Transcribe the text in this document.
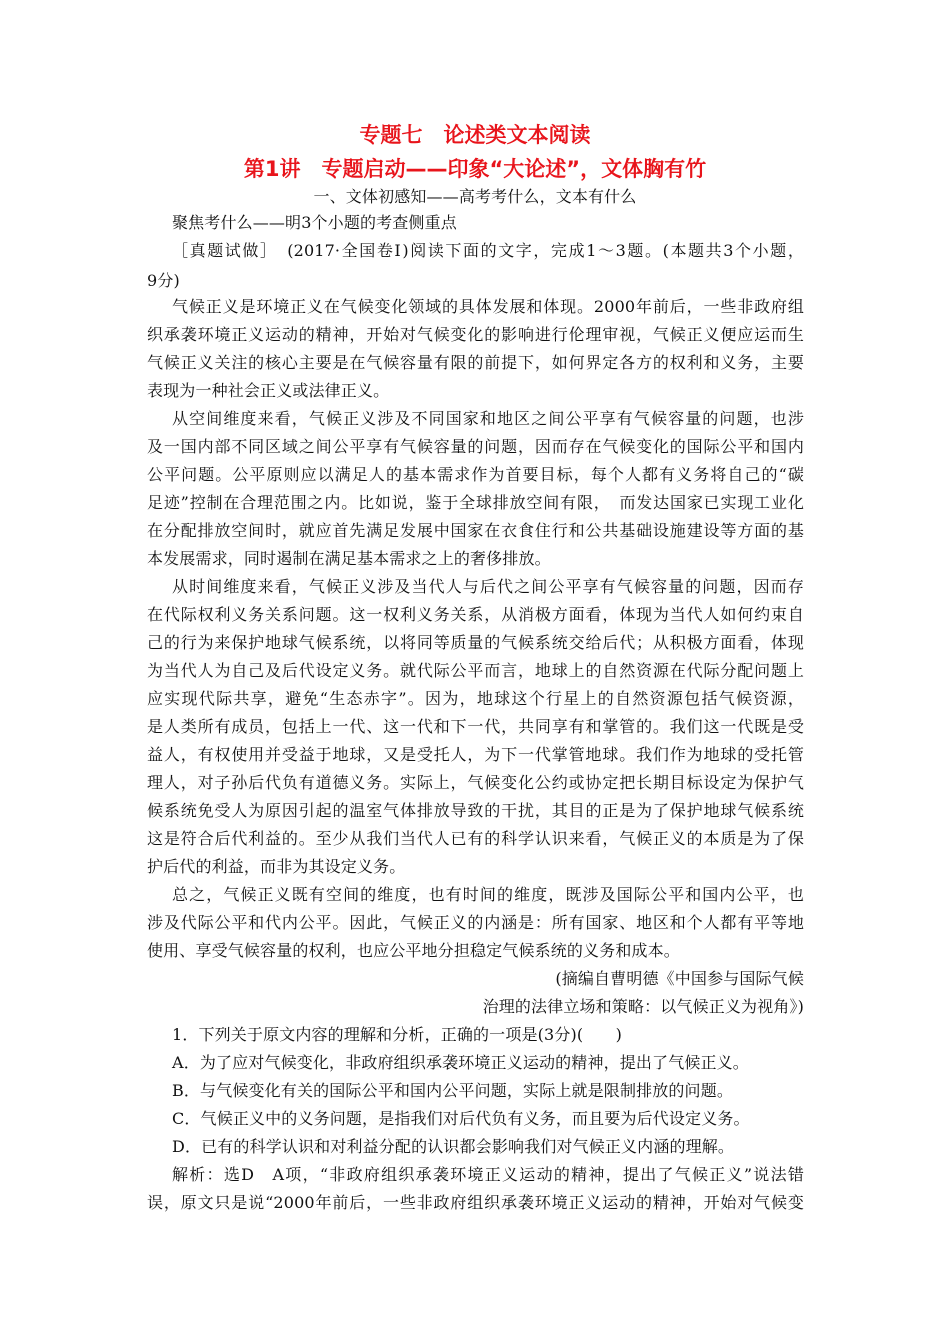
专题七　论述类文本阅读
第1讲　专题启动——印象“大论述”，文体胸有竹
一、文体初感知——高考考什么，文本有什么
聚焦考什么——明3个小题的考查侧重点
［真题试做］　(2017·全国卷Ⅰ)阅读下面的文字，完成1～3题。(本题共3个小题，
9分)
气候正义是环境正义在气候变化领域的具体发展和体现。2000年前后，一些非政府组
织承袭环境正义运动的精神，开始对气候变化的影响进行伦理审视，气候正义便应运而生
气候正义关注的核心主要是在气候容量有限的前提下，如何界定各方的权利和义务，主要
表现为一种社会正义或法律正义。
从空间维度来看，气候正义涉及不同国家和地区之间公平享有气候容量的问题，也涉
及一国内部不同区域之间公平享有气候容量的问题，因而存在气候变化的国际公平和国内
公平问题。公平原则应以满足人的基本需求作为首要目标，每个人都有义务将自己的“碳
足迹”控制在合理范围之内。比如说，鉴于全球排放空间有限，　而发达国家已实现工业化
在分配排放空间时，就应首先满足发展中国家在衣食住行和公共基础设施建设等方面的基
本发展需求，同时遏制在满足基本需求之上的奢侈排放。
从时间维度来看，气候正义涉及当代人与后代之间公平享有气候容量的问题，因而存
在代际权利义务关系问题。这一权利义务关系，从消极方面看，体现为当代人如何约束自
己的行为来保护地球气候系统，以将同等质量的气候系统交给后代；从积极方面看，体现
为当代人为自己及后代设定义务。就代际公平而言，地球上的自然资源在代际分配问题上
应实现代际共享，避免“生态赤字”。因为，地球这个行星上的自然资源包括气候资源，
是人类所有成员，包括上一代、这一代和下一代，共同享有和掌管的。我们这一代既是受
益人，有权使用并受益于地球，又是受托人，为下一代掌管地球。我们作为地球的受托管
理人，对子孙后代负有道德义务。实际上，气候变化公约或协定把长期目标设定为保护气
候系统免受人为原因引起的温室气体排放导致的干扰，其目的正是为了保护地球气候系统
这是符合后代利益的。至少从我们当代人已有的科学认识来看，气候正义的本质是为了保
护后代的利益，而非为其设定义务。
总之，气候正义既有空间的维度，也有时间的维度，既涉及国际公平和国内公平，也
涉及代际公平和代内公平。因此，气候正义的内涵是：所有国家、地区和个人都有平等地
使用、享受气候容量的权利，也应公平地分担稳定气候系统的义务和成本。
(摘编自曹明德《中国参与国际气候
治理的法律立场和策略：以气候正义为视角》)
1．下列关于原文内容的理解和分析，正确的一项是(3分)(　　)
A．为了应对气候变化，非政府组织承袭环境正义运动的精神，提出了气候正义。
B．与气候变化有关的国际公平和国内公平问题，实际上就是限制排放的问题。
C．气候正义中的义务问题，是指我们对后代负有义务，而且要为后代设定义务。
D．已有的科学认识和对利益分配的认识都会影响我们对气候正义内涵的理解。
解析：选D　A项，“非政府组织承袭环境正义运动的精神，提出了气候正义”说法错
误，原文只是说“2000年前后，一些非政府组织承袭环境正义运动的精神，开始对气候变
